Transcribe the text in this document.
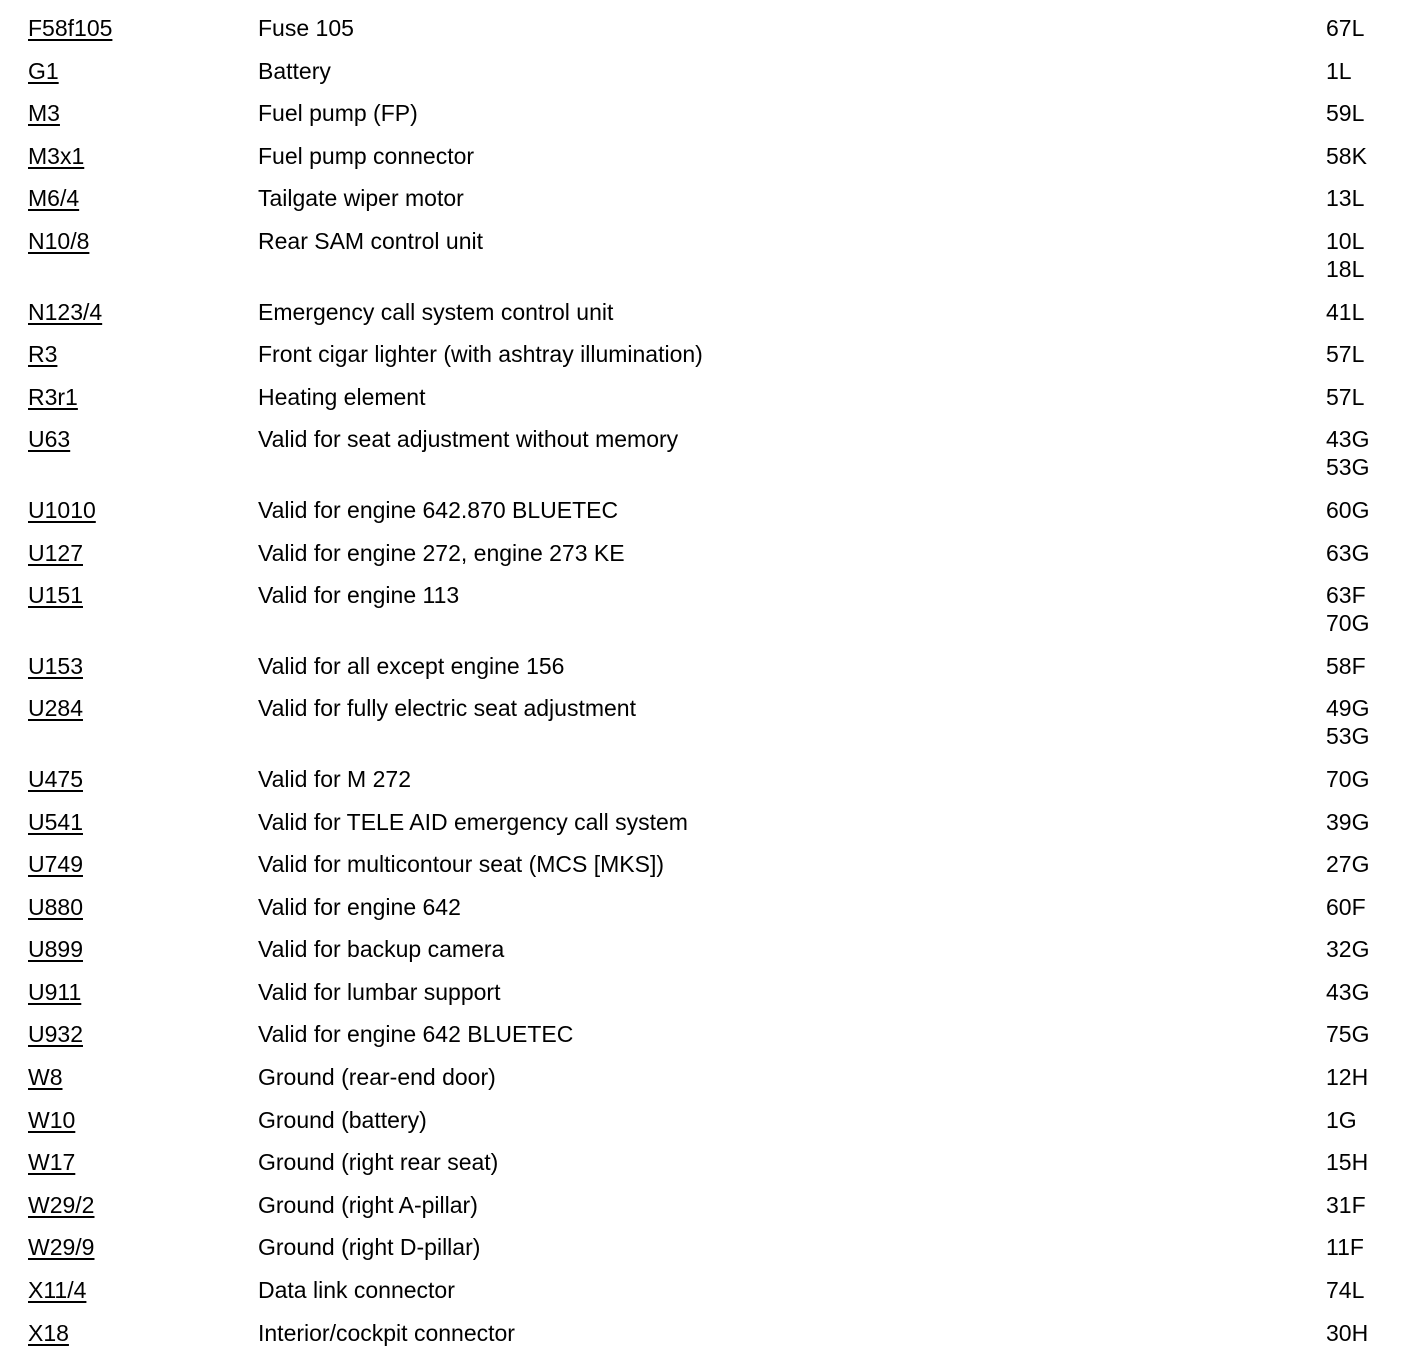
F58f105	Fuse 105	67L
G1	Battery	1L
M3	Fuel pump (FP)	59L
M3x1	Fuel pump connector	58K
M6/4	Tailgate wiper motor	13L
N10/8	Rear SAM control unit	10L
18L
N123/4	Emergency call system control unit	41L
R3	Front cigar lighter (with ashtray illumination)	57L
R3r1	Heating element	57L
U63	Valid for seat adjustment without memory	43G
53G
U1010	Valid for engine 642.870 BLUETEC	60G
U127	Valid for engine 272, engine 273 KE	63G
U151	Valid for engine 113	63F
70G
U153	Valid for all except engine 156	58F
U284	Valid for fully electric seat adjustment	49G
53G
U475	Valid for M 272	70G
U541	Valid for TELE AID emergency call system	39G
U749	Valid for multicontour seat (MCS [MKS])	27G
U880	Valid for engine 642	60F
U899	Valid for backup camera	32G
U911	Valid for lumbar support	43G
U932	Valid for engine 642 BLUETEC	75G
W8	Ground (rear-end door)	12H
W10	Ground (battery)	1G
W17	Ground (right rear seat)	15H
W29/2	Ground (right A-pillar)	31F
W29/9	Ground (right D-pillar)	11F
X11/4	Data link connector	74L
X18	Interior/cockpit connector	30H
